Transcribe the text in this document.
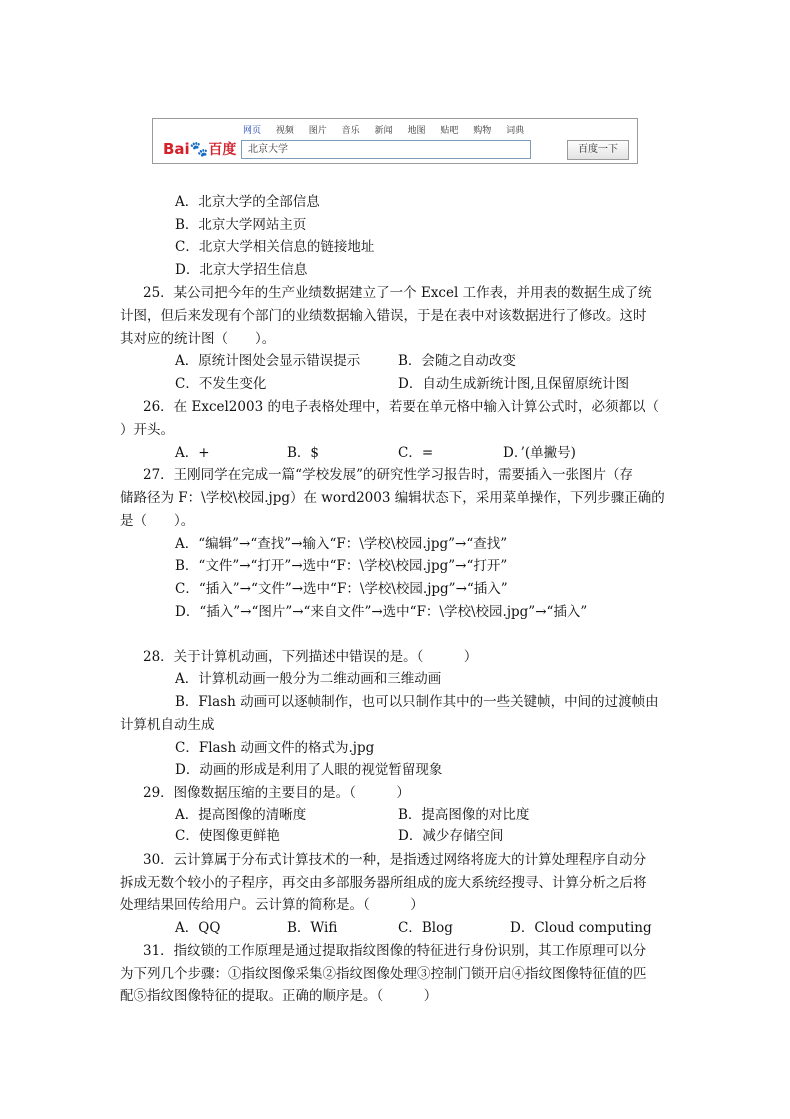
Bai🐾百度
网页 视频 图片 音乐 新闻 地图 贴吧 购物 词典
北京大学	百度一下
A．北京大学的全部信息
B．北京大学网站主页
C．北京大学相关信息的链接地址
D．北京大学招生信息
25．某公司把今年的生产业绩数据建立了一个 Excel 工作表，并用表的数据生成了统
计图，但后来发现有个部门的业绩数据输入错误，于是在表中对该数据进行了修改。这时
其对应的统计图（　　）。
A．原统计图处会显示错误提示	B．会随之自动改变
C．不发生变化	D．自动生成新统计图,且保留原统计图
26．在 Excel2003 的电子表格处理中，若要在单元格中输入计算公式时，必须都以（
）开头。
A．+	B．$	C．=	D．’(单撇号)
27．王刚同学在完成一篇“学校发展”的研究性学习报告时，需要插入一张图片（存
储路径为 F：\学校\校园.jpg）在 word2003 编辑状态下，采用菜单操作，下列步骤正确的
是（　　）。
A．“编辑”→“查找”→输入“F：\学校\校园.jpg”→“查找”
B．“文件”→“打开”→选中“F：\学校\校园.jpg”→“打开”
C．“插入”→“文件”→选中“F：\学校\校园.jpg”→“插入”
D．“插入”→“图片”→“来自文件”→选中“F：\学校\校园.jpg”→“插入”
28．关于计算机动画，下列描述中错误的是。（　　　）
A．计算机动画一般分为二维动画和三维动画
B．Flash 动画可以逐帧制作，也可以只制作其中的一些关键帧，中间的过渡帧由
计算机自动生成
C．Flash 动画文件的格式为.jpg
D．动画的形成是利用了人眼的视觉暂留现象
29．图像数据压缩的主要目的是。（　　　）
A．提高图像的清晰度	B．提高图像的对比度
C．使图像更鲜艳	D．减少存储空间
30．云计算属于分布式计算技术的一种，是指透过网络将庞大的计算处理程序自动分
拆成无数个较小的子程序，再交由多部服务器所组成的庞大系统经搜寻、计算分析之后将
处理结果回传给用户。云计算的简称是。（　　　）
A．QQ	B．Wifi	C．Blog	D．Cloud computing
31．指纹锁的工作原理是通过提取指纹图像的特征进行身份识别，其工作原理可以分
为下列几个步骤：①指纹图像采集②指纹图像处理③控制门锁开启④指纹图像特征值的匹
配⑤指纹图像特征的提取。正确的顺序是。（　　　）
